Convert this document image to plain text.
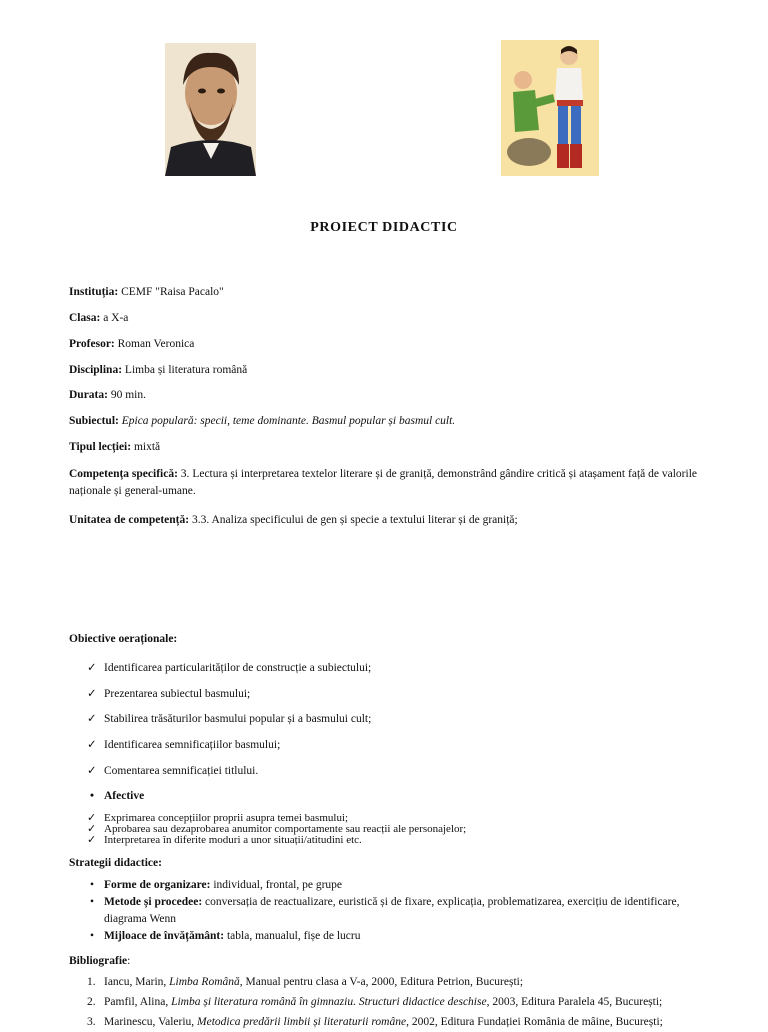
PROIECT DIDACTIC
Instituția: CEMF "Raisa Pacalo"
Clasa: a X-a
Profesor: Roman Veronica
Disciplina: Limba și literatura română
Durata: 90 min.
Subiectul: Epica populară: specii, teme dominante. Basmul popular și basmul cult.
Tipul lecției: mixtă
Competența specifică: 3. Lectura și interpretarea textelor literare și de graniță, demonstrând gândire critică și atașament față de valorile naționale și general-umane.
Unitatea de competență: 3.3. Analiza specificului de gen și specie a textului literar și de graniță;
Obiective oeraționale:
✓ Identificarea particularităților de construcție a subiectului;
✓ Prezentarea subiectul basmului;
✓ Stabilirea trăsăturilor basmului popular și a basmului cult;
✓ Identificarea semnificațiilor basmului;
✓ Comentarea semnificației titlului.
• Afective
✓ Exprimarea concepțiilor proprii asupra temei basmului;
✓ Aprobarea sau dezaprobarea anumitor comportamente sau reacții ale personajelor;
✓ Interpretarea în diferite moduri a unor situații/atitudini etc.
Strategii didactice:
• Forme de organizare: individual, frontal, pe grupe
• Metode și procedee: conversația de reactualizare, euristică și de fixare, explicația, problematizarea, exercițiu de identificare, diagrama Wenn
• Mijloace de învățământ: tabla, manualul, fișe de lucru
Bibliografie:
1. Iancu, Marin, Limba Română, Manual pentru clasa a V-a, 2000, Editura Petrion, București;
2. Pamfil, Alina, Limba și literatura română în gimnaziu. Structuri didactice deschise, 2003, Editura Paralela 45, București;
3. Marinescu, Valeriu, Metodica predării limbii și literaturii române, 2002, Editura Fundației România de mâine, București;
